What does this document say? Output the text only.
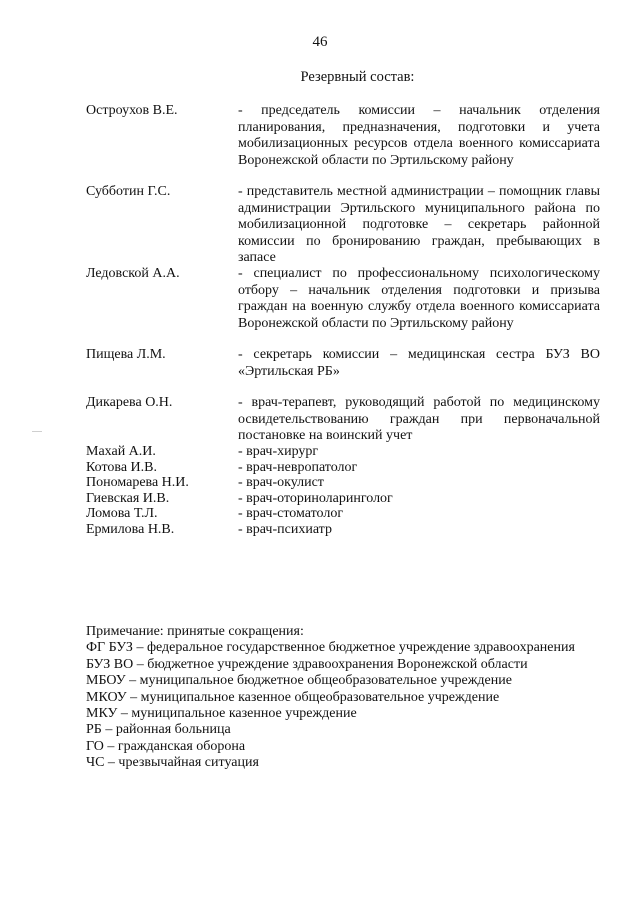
46
Резервный состав:
Остроухов В.Е.	- председатель комиссии – начальник отделения планирования, предназначения, подготовки и учета мобилизационных ресурсов отдела военного комиссариата Воронежской области по Эртильскому району
Субботин Г.С.	- представитель местной администрации – помощник главы администрации Эртильского муниципального района по мобилизационной подготовке – секретарь районной комиссии по бронированию граждан, пребывающих в запасе
Ледовской А.А.	- специалист по профессиональному психологическому отбору – начальник отделения подготовки и призыва граждан на военную службу отдела военного комиссариата Воронежской области по Эртильскому району
Пищева Л.М.	- секретарь комиссии – медицинская сестра БУЗ ВО «Эртильская РБ»
Дикарева О.Н.	- врач-терапевт, руководящий работой по медицинскому освидетельствованию граждан при первоначальной постановке на воинский учет
Махай А.И.	- врач-хирург
Котова И.В.	- врач-невропатолог
Пономарева Н.И.	- врач-окулист
Гиевская И.В.	- врач-оториноларинголог
Ломова Т.Л.	- врач-стоматолог
Ермилова Н.В.	- врач-психиатр
Примечание: принятые сокращения:
ФГ БУЗ – федеральное государственное бюджетное учреждение здравоохранения
БУЗ ВО – бюджетное учреждение здравоохранения Воронежской области
МБОУ – муниципальное бюджетное общеобразовательное учреждение
МКОУ – муниципальное казенное общеобразовательное учреждение
МКУ – муниципальное казенное учреждение
РБ – районная больница
ГО – гражданская оборона
ЧС – чрезвычайная ситуация
